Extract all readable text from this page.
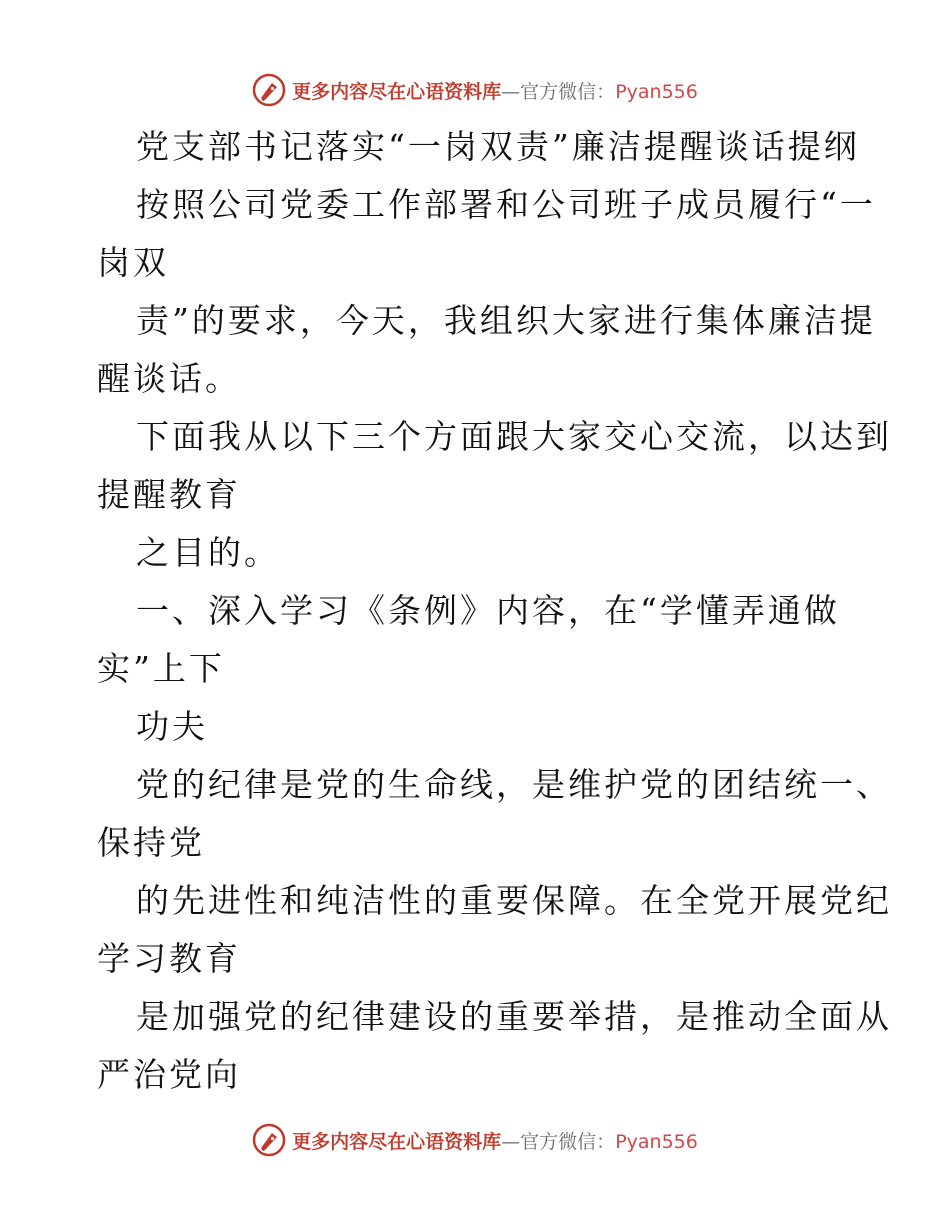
更多内容尽在心语资料库—官方微信：Pyan556
党支部书记落实“一岗双责”廉洁提醒谈话提纲
按照公司党委工作部署和公司班子成员履行“一
岗双
责”的要求，今天，我组织大家进行集体廉洁提
醒谈话。
下面我从以下三个方面跟大家交心交流，以达到
提醒教育
之目的。
一、深入学习《条例》内容，在“学懂弄通做
实”上下
功夫
党的纪律是党的生命线，是维护党的团结统一、
保持党
的先进性和纯洁性的重要保障。在全党开展党纪
学习教育
是加强党的纪律建设的重要举措，是推动全面从
严治党向
更多内容尽在心语资料库—官方微信：Pyan556
